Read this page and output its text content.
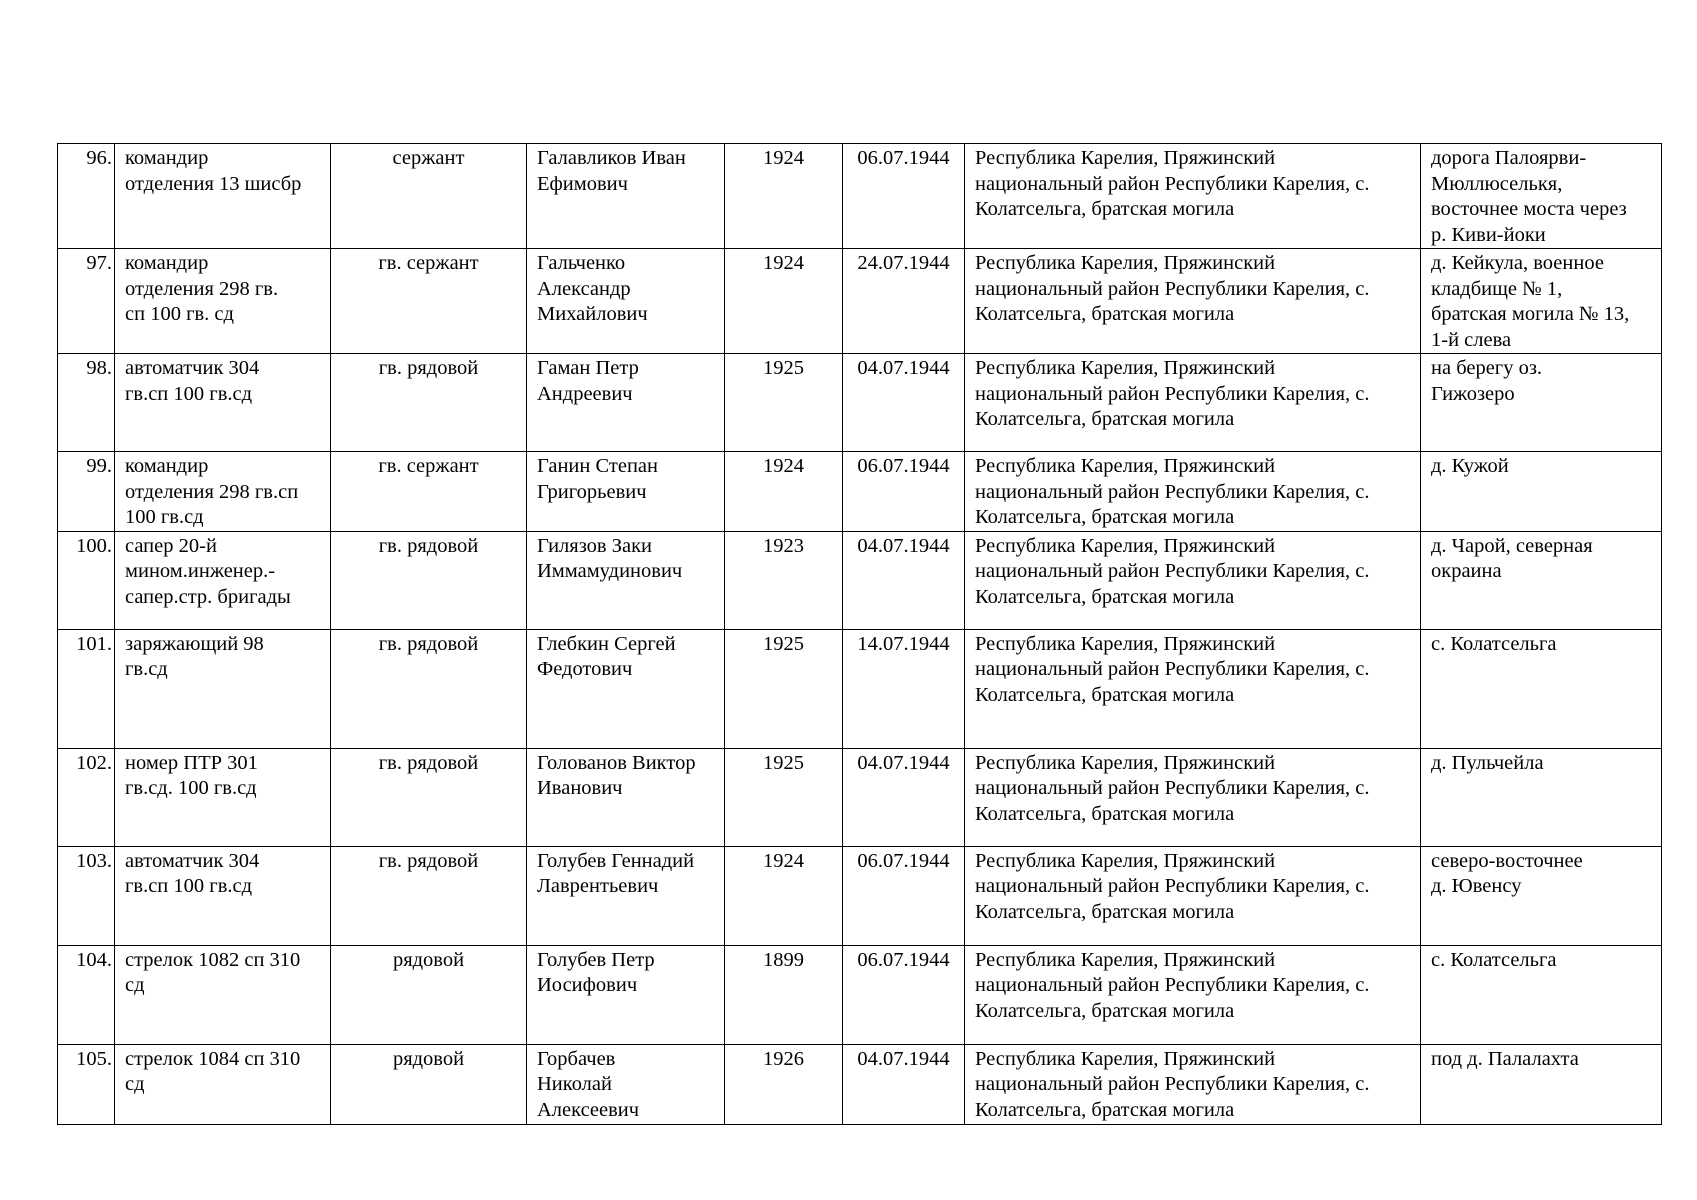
96.	командир
отделения 13 шисбр	сержант	Галавликов Иван
Ефимович	1924	06.07.1944	Республика Карелия, Пряжинский
национальный район Республики Карелия, с.
Колатсельга, братская могила	дорога Палоярви-
Мюллюселькя,
восточнее моста через
р. Киви-йоки

97.	командир
отделения 298 гв.
сп 100 гв. сд	гв. сержант	Гальченко
Александр
Михайлович	1924	24.07.1944	Республика Карелия, Пряжинский
национальный район Республики Карелия, с.
Колатсельга, братская могила	д. Кейкула, военное
кладбище № 1,
братская могила № 13,
1-й слева

98.	автоматчик 304
гв.сп 100 гв.сд	гв. рядовой	Гаман Петр
Андреевич	1925	04.07.1944	Республика Карелия, Пряжинский
национальный район Республики Карелия, с.
Колатсельга, братская могила	на берегу оз.
Гижозеро

99.	командир
отделения 298 гв.сп
100 гв.сд	гв. сержант	Ганин Степан
Григорьевич	1924	06.07.1944	Республика Карелия, Пряжинский
национальный район Республики Карелия, с.
Колатсельга, братская могила	д. Кужой

100.	сапер 20-й
мином.инженер.-
сапер.стр. бригады	гв. рядовой	Гилязов Заки
Иммамудинович	1923	04.07.1944	Республика Карелия, Пряжинский
национальный район Республики Карелия, с.
Колатсельга, братская могила	д. Чарой, северная
окраина

101.	заряжающий 98
гв.сд	гв. рядовой	Глебкин Сергей
Федотович	1925	14.07.1944	Республика Карелия, Пряжинский
национальный район Республики Карелия, с.
Колатсельга, братская могила	с. Колатсельга

102.	номер ПТР 301
гв.сд. 100 гв.сд	гв. рядовой	Голованов Виктор
Иванович	1925	04.07.1944	Республика Карелия, Пряжинский
национальный район Республики Карелия, с.
Колатсельга, братская могила	д. Пульчейла

103.	автоматчик 304
гв.сп 100 гв.сд	гв. рядовой	Голубев Геннадий
Лаврентьевич	1924	06.07.1944	Республика Карелия, Пряжинский
национальный район Республики Карелия, с.
Колатсельга, братская могила	северо-восточнее
д. Ювенсу

104.	стрелок 1082 сп 310
сд	рядовой	Голубев Петр
Иосифович	1899	06.07.1944	Республика Карелия, Пряжинский
национальный район Республики Карелия, с.
Колатсельга, братская могила	с. Колатсельга

105.	стрелок 1084 сп 310
сд	рядовой	Горбачев
Николай
Алексеевич	1926	04.07.1944	Республика Карелия, Пряжинский
национальный район Республики Карелия, с.
Колатсельга, братская могила	под д. Палалахта
